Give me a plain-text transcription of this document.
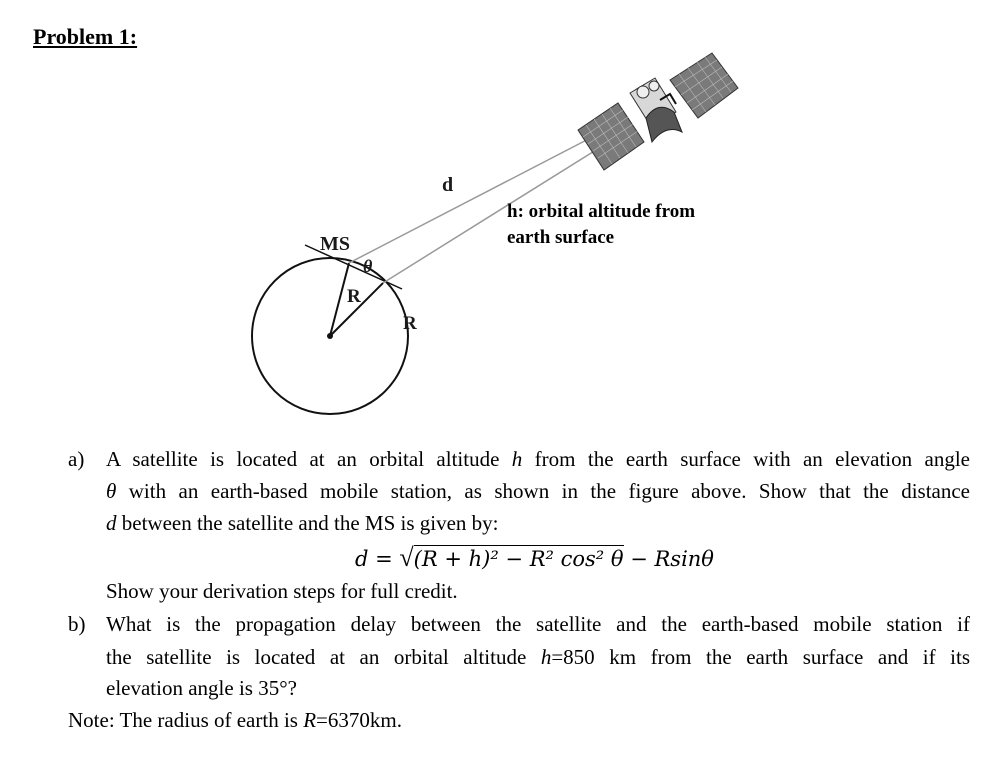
Problem 1:
d
MS
θ
R
R
h: orbital altitude from
earth surface
a) A satellite is located at an orbital altitude h from the earth surface with an elevation angle
θ with an earth-based mobile station, as shown in the figure above. Show that the distance
d between the satellite and the MS is given by:
d = √(R + h)² − R² cos² θ − Rsinθ
Show your derivation steps for full credit.
b) What is the propagation delay between the satellite and the earth-based mobile station if
the satellite is located at an orbital altitude h=850 km from the earth surface and if its
elevation angle is 35°?
Note: The radius of earth is R=6370km.
